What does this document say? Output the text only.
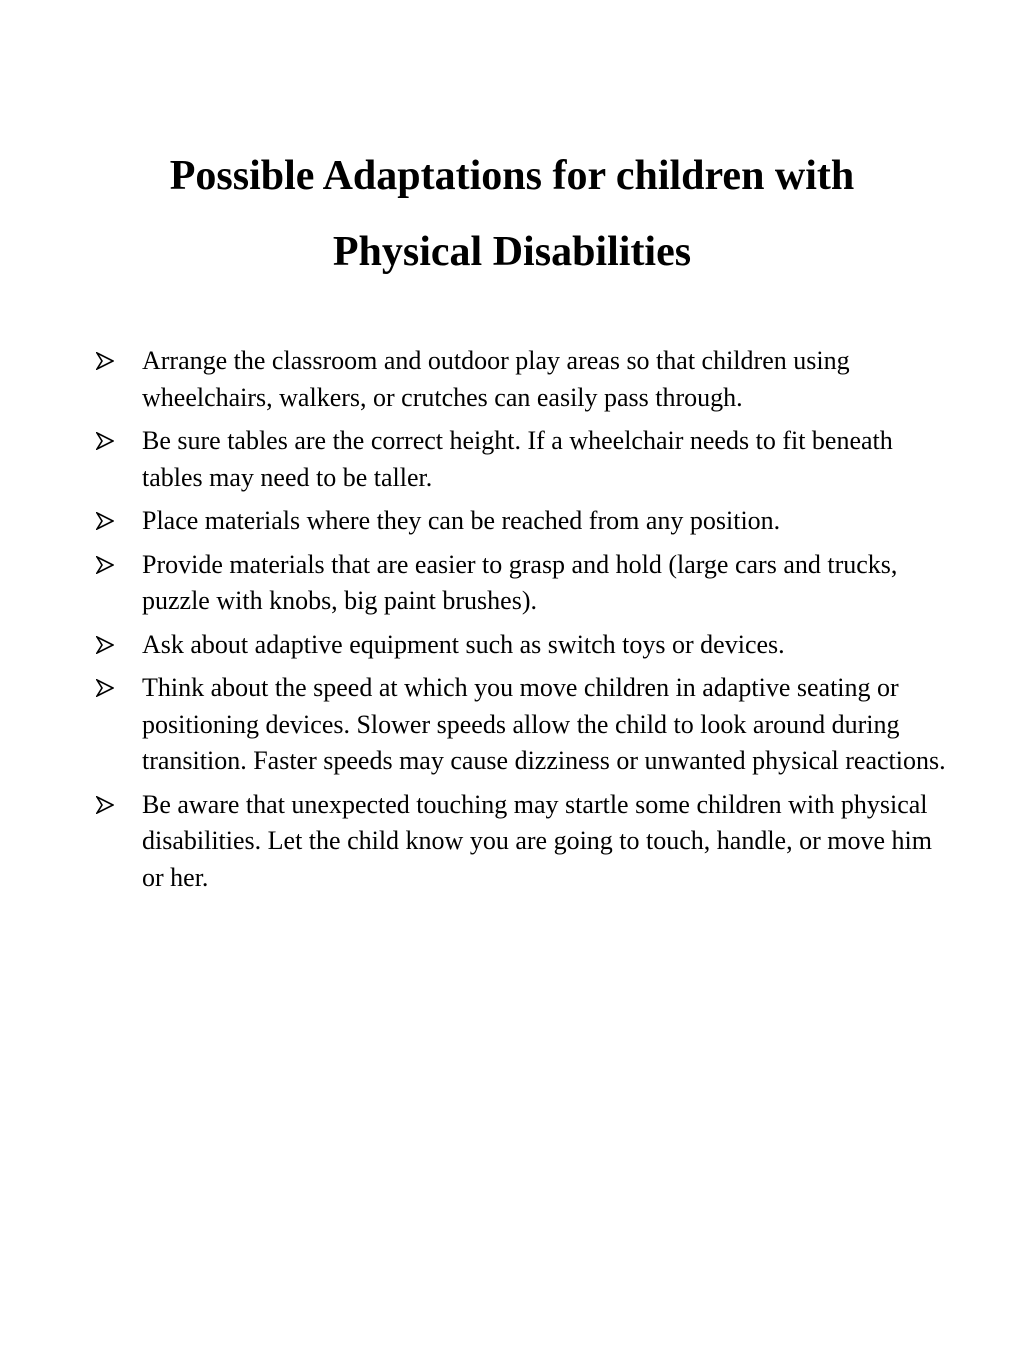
Possible Adaptations for children with
Physical Disabilities
Arrange the classroom and outdoor play areas so that children using wheelchairs, walkers, or crutches can easily pass through.
Be sure tables are the correct height. If a wheelchair needs to fit beneath tables may need to be taller.
Place materials where they can be reached from any position.
Provide materials that are easier to grasp and hold (large cars and trucks, puzzle with knobs, big paint brushes).
Ask about adaptive equipment such as switch toys or devices.
Think about the speed at which you move children in adaptive seating or positioning devices. Slower speeds allow the child to look around during transition. Faster speeds may cause dizziness or unwanted physical reactions.
Be aware that unexpected touching may startle some children with physical disabilities. Let the child know you are going to touch, handle, or move him or her.
